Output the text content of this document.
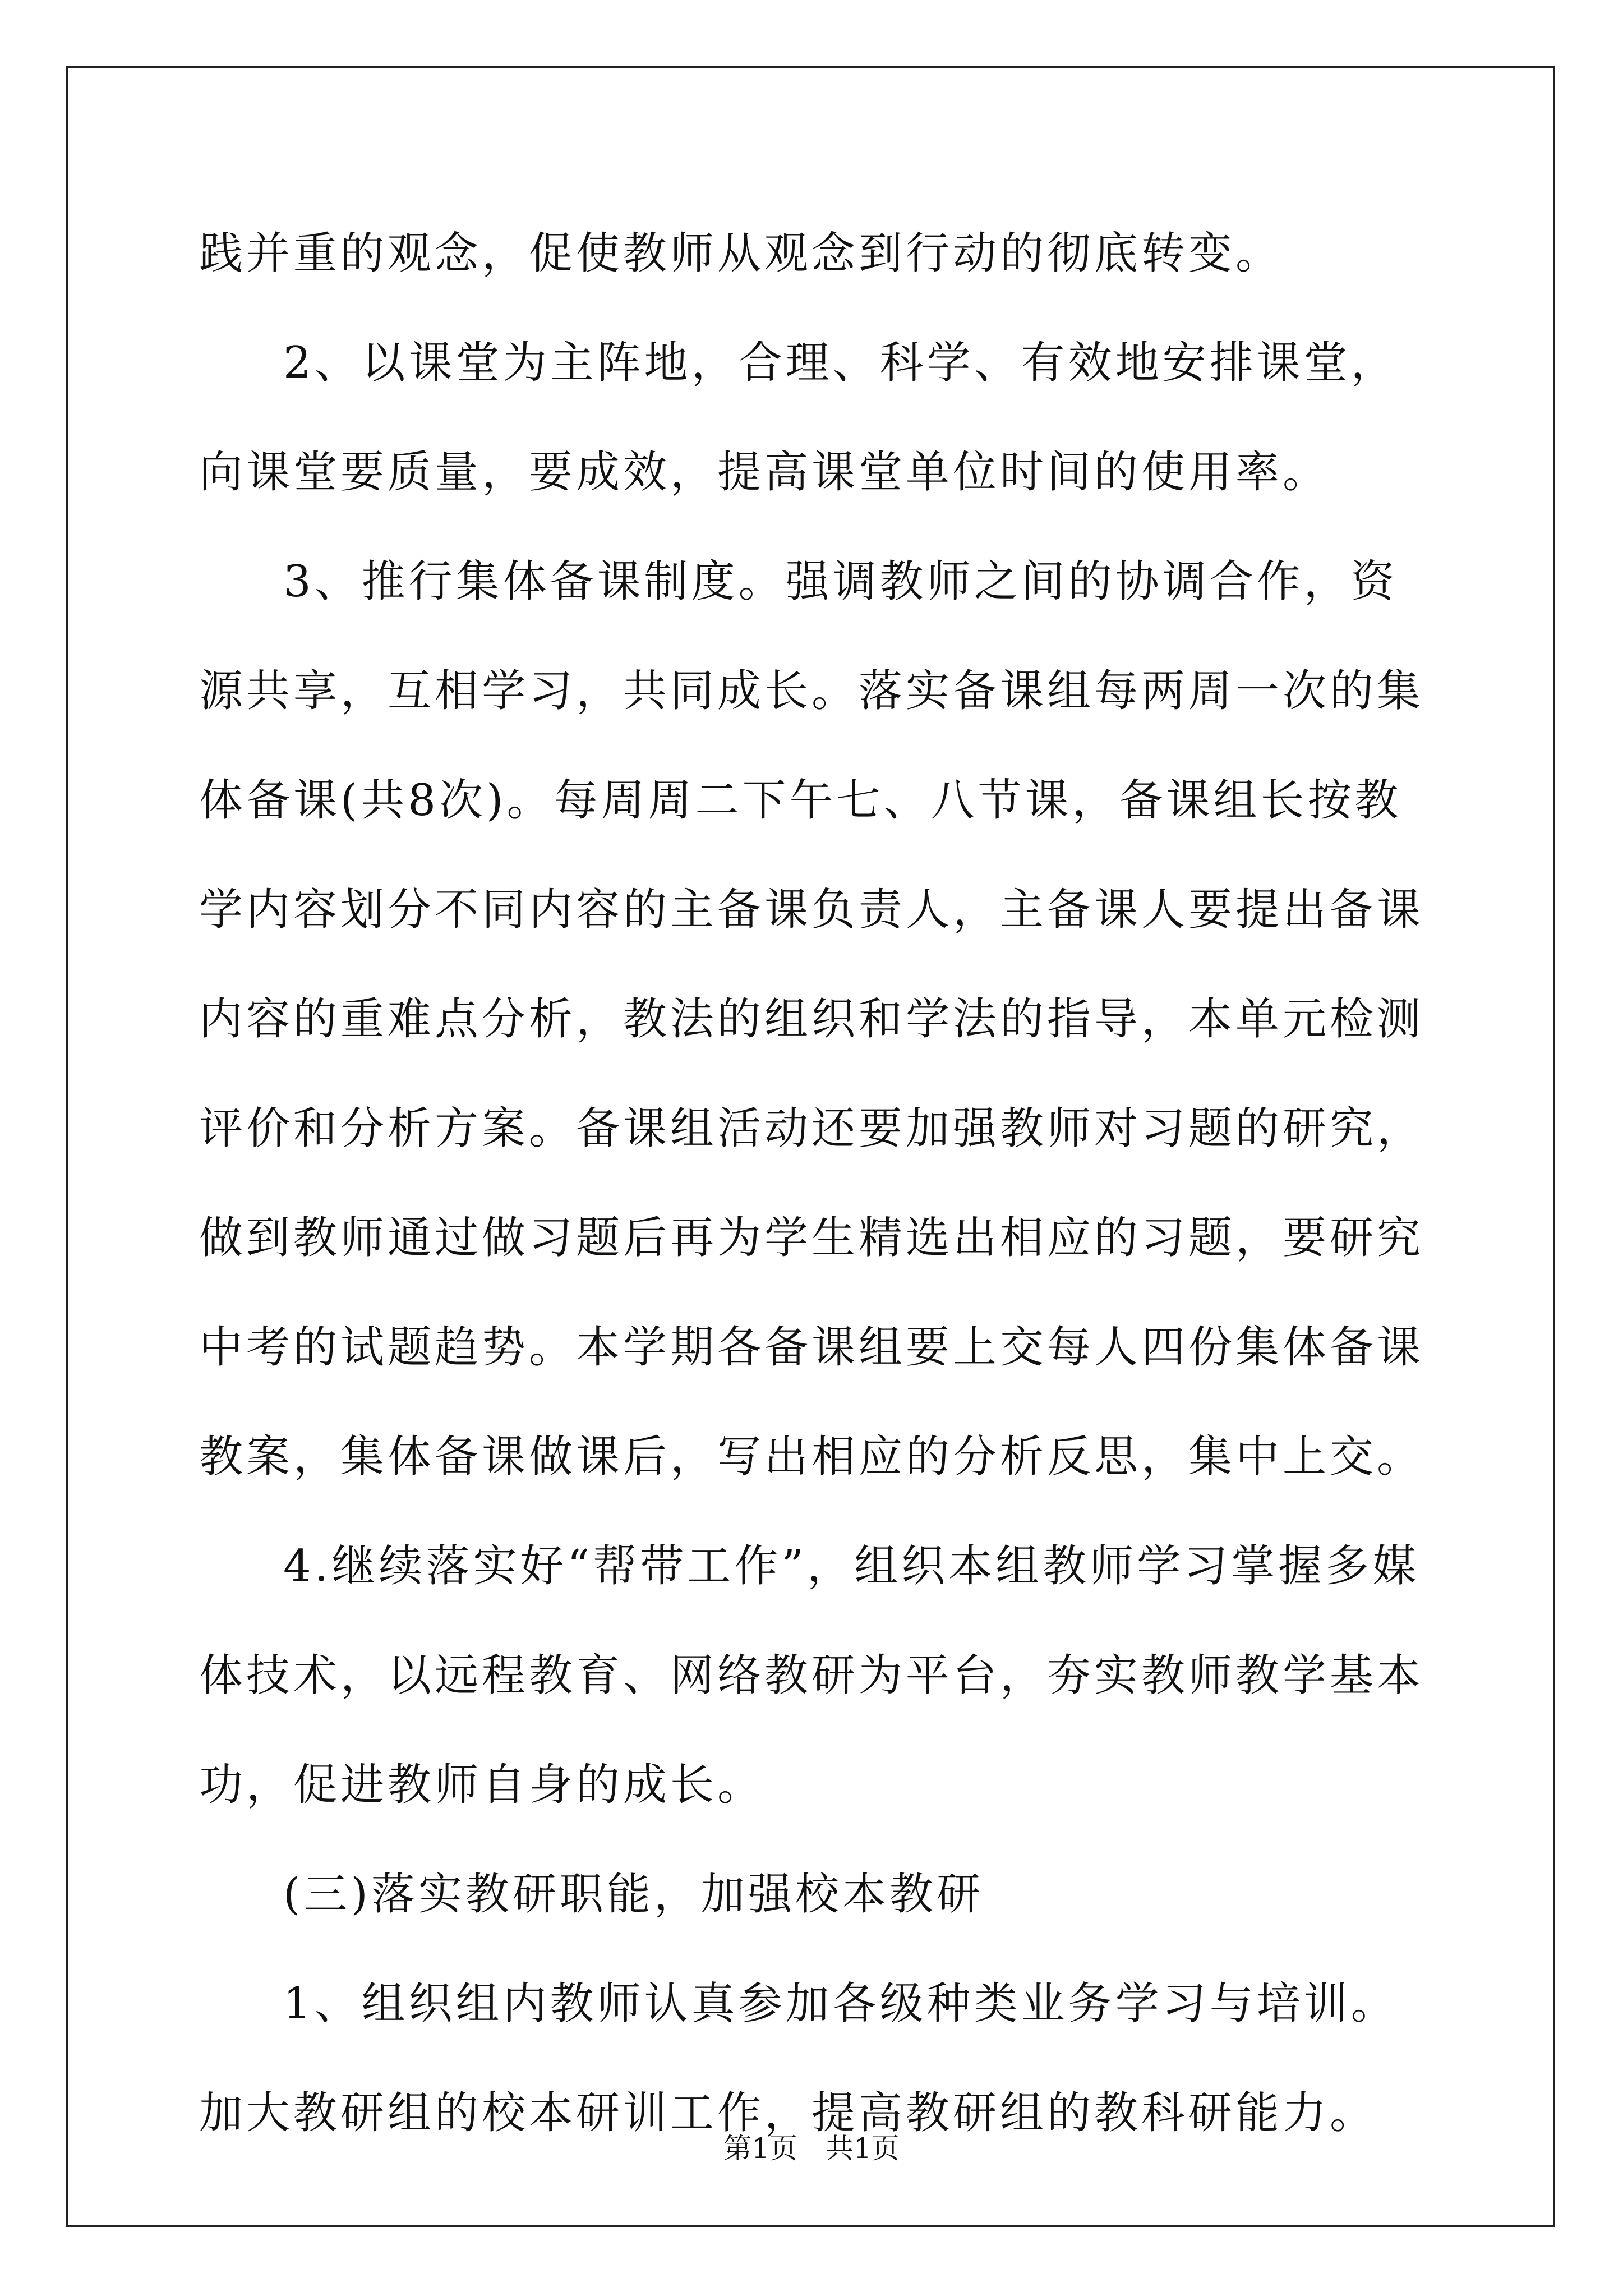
践并重的观念，促使教师从观念到行动的彻底转变。

2、以课堂为主阵地，合理、科学、有效地安排课堂，向课堂要质量，要成效，提高课堂单位时间的使用率。

3、推行集体备课制度。强调教师之间的协调合作，资源共享，互相学习，共同成长。落实备课组每两周一次的集体备课(共8次)。每周周二下午七、八节课，备课组长按教学内容划分不同内容的主备课负责人，主备课人要提出备课内容的重难点分析，教法的组织和学法的指导，本单元检测评价和分析方案。备课组活动还要加强教师对习题的研究，做到教师通过做习题后再为学生精选出相应的习题，要研究中考的试题趋势。本学期各备课组要上交每人四份集体备课教案，集体备课做课后，写出相应的分析反思，集中上交。

4.继续落实好“帮带工作”，组织本组教师学习掌握多媒体技术，以远程教育、网络教研为平台，夯实教师教学基本功，促进教师自身的成长。

(三)落实教研职能，加强校本教研

1、组织组内教师认真参加各级种类业务学习与培训。加大教研组的校本研训工作，提高教研组的教科研能力。

第1页 共1页
